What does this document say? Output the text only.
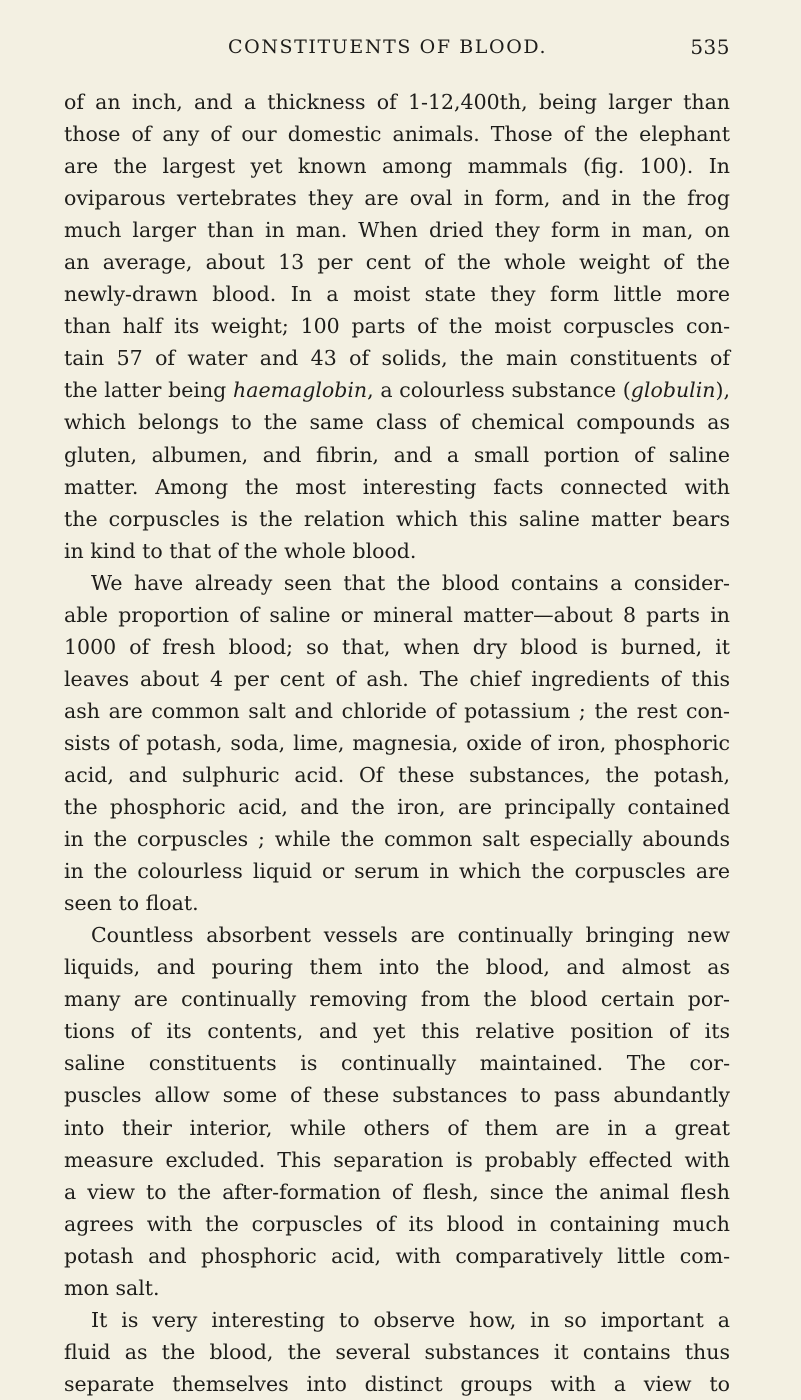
CONSTITUENTS OF BLOOD.	535
of an inch, and a thickness of 1-12,400th, being larger than
those of any of our domestic animals. Those of the elephant
are the largest yet known among mammals (fig. 100). In
oviparous vertebrates they are oval in form, and in the frog
much larger than in man. When dried they form in man, on
an average, about 13 per cent of the whole weight of the
newly-drawn blood. In a moist state they form little more
than half its weight; 100 parts of the moist corpuscles con-
tain 57 of water and 43 of solids, the main constituents of
the latter being haemaglobin, a colourless substance (globulin),
which belongs to the same class of chemical compounds as
gluten, albumen, and fibrin, and a small portion of saline
matter. Among the most interesting facts connected with
the corpuscles is the relation which this saline matter bears
in kind to that of the whole blood.
We have already seen that the blood contains a consider-
able proportion of saline or mineral matter—about 8 parts in
1000 of fresh blood; so that, when dry blood is burned, it
leaves about 4 per cent of ash. The chief ingredients of this
ash are common salt and chloride of potassium ; the rest con-
sists of potash, soda, lime, magnesia, oxide of iron, phosphoric
acid, and sulphuric acid. Of these substances, the potash,
the phosphoric acid, and the iron, are principally contained
in the corpuscles ; while the common salt especially abounds
in the colourless liquid or serum in which the corpuscles are
seen to float.
Countless absorbent vessels are continually bringing new
liquids, and pouring them into the blood, and almost as
many are continually removing from the blood certain por-
tions of its contents, and yet this relative position of its
saline constituents is continually maintained. The cor-
puscles allow some of these substances to pass abundantly
into their interior, while others of them are in a great
measure excluded. This separation is probably effected with
a view to the after-formation of flesh, since the animal flesh
agrees with the corpuscles of its blood in containing much
potash and phosphoric acid, with comparatively little com-
mon salt.
It is very interesting to observe how, in so important a
fluid as the blood, the several substances it contains thus
separate themselves into distinct groups with a view to
